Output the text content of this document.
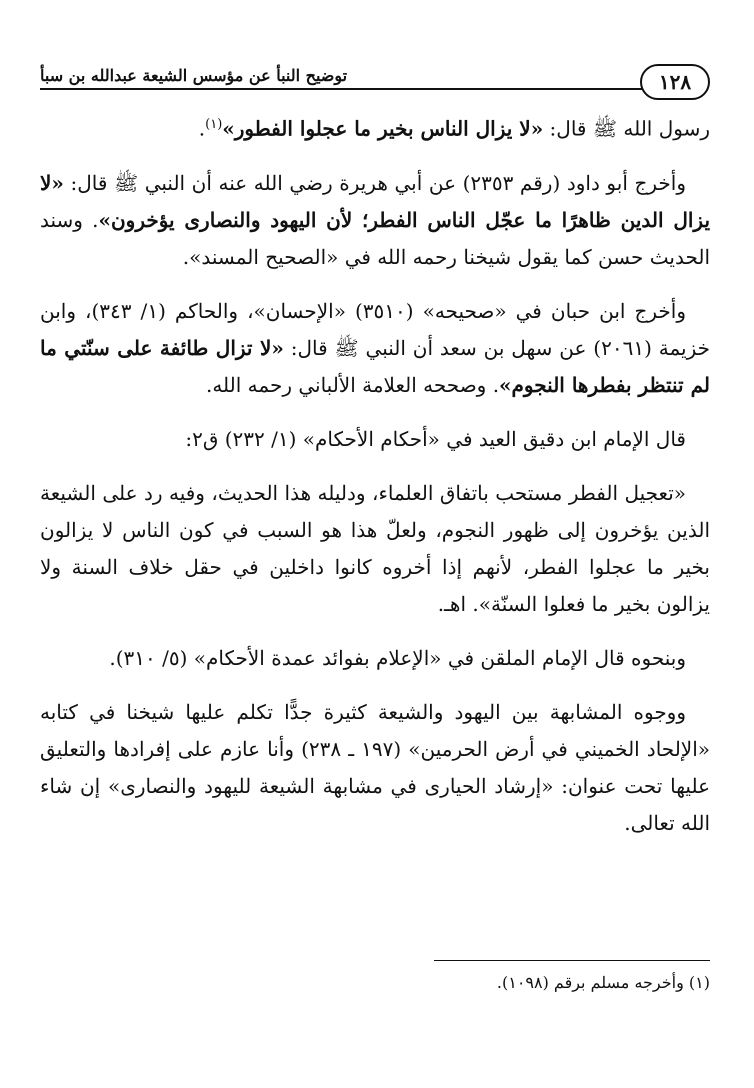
توضيح النبأ عن مؤسس الشيعة عبدالله بن سبأ	١٢٨

رسول الله ﷺ قال: «لا يزال الناس بخير ما عجلوا الفطور»$^{(١)}$.

وأخرج أبو داود (رقم ٢٣٥٣) عن أبي هريرة رضي الله عنه أن النبي ﷺ قال: «لا يزال الدين ظاهرًا ما عجّل الناس الفطر؛ لأن اليهود والنصارى يؤخرون». وسند الحديث حسن كما يقول شيخنا رحمه الله في «الصحيح المسند».

وأخرج ابن حبان في «صحيحه» (٣٥١٠) «الإحسان»، والحاكم (١/ ٣٤٣)، وابن خزيمة (٢٠٦١) عن سهل بن سعد أن النبي ﷺ قال: «لا تزال طائفة على سنّتي ما لم تنتظر بفطرها النجوم». وصححه العلامة الألباني رحمه الله.

قال الإمام ابن دقيق العيد في «أحكام الأحكام» (١/ ٢٣٢) ق٢:

«تعجيل الفطر مستحب باتفاق العلماء، ودليله هذا الحديث، وفيه رد على الشيعة الذين يؤخرون إلى ظهور النجوم، ولعلّ هذا هو السبب في كون الناس لا يزالون بخير ما عجلوا الفطر، لأنهم إذا أخروه كانوا داخلين في حقل خلاف السنة ولا يزالون بخير ما فعلوا السنّة». اهـ.

وبنحوه قال الإمام الملقن في «الإعلام بفوائد عمدة الأحكام» (٥/ ٣١٠).

ووجوه المشابهة بين اليهود والشيعة كثيرة جدًّا تكلم عليها شيخنا في كتابه «الإلحاد الخميني في أرض الحرمين» (١٩٧ ـ ٢٣٨) وأنا عازم على إفرادها والتعليق عليها تحت عنوان: «إرشاد الحيارى في مشابهة الشيعة لليهود والنصارى» إن شاء الله تعالى.

(١) وأخرجه مسلم برقم (١٠٩٨).
